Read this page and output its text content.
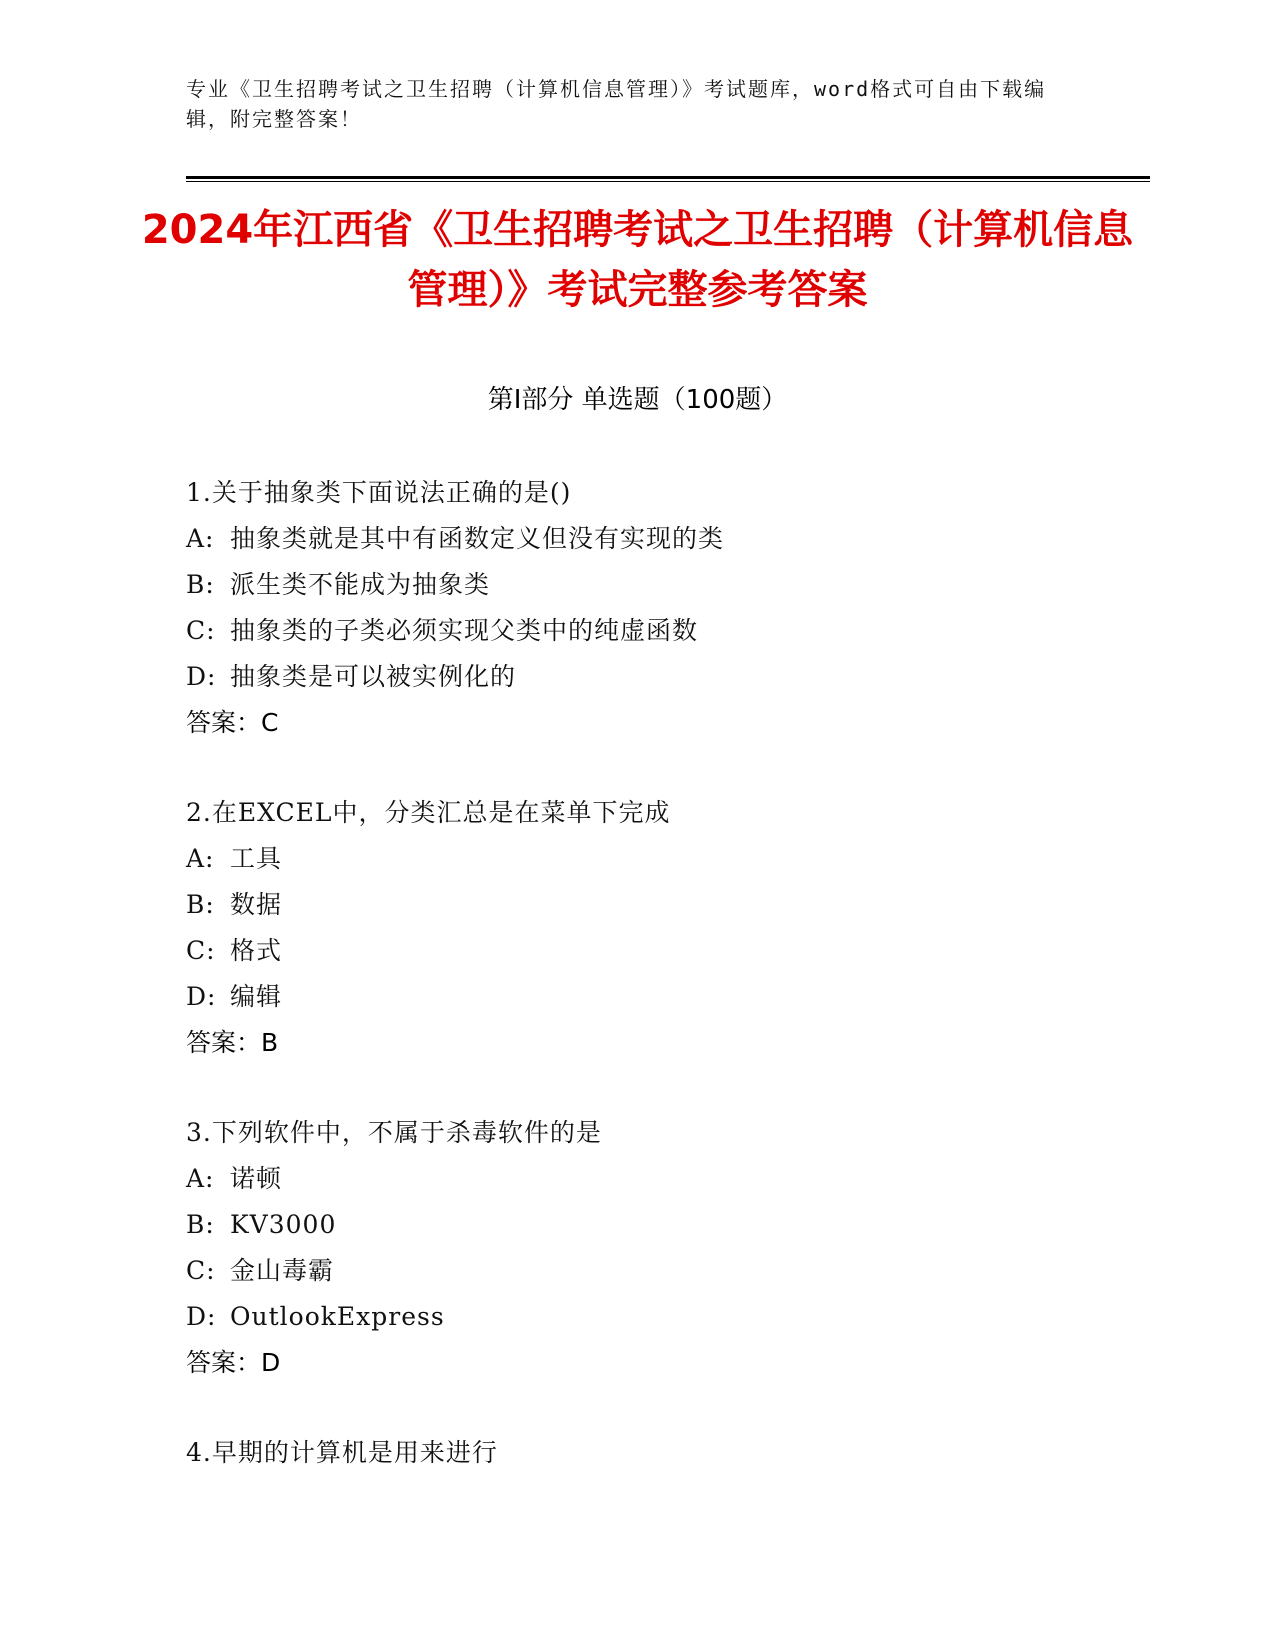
专业《卫生招聘考试之卫生招聘（计算机信息管理）》考试题库，word格式可自由下载编辑，附完整答案！
2024年江西省《卫生招聘考试之卫生招聘（计算机信息管理）》考试完整参考答案
第Ⅰ部分 单选题（100题）
1.关于抽象类下面说法正确的是()
A: 抽象类就是其中有函数定义但没有实现的类
B: 派生类不能成为抽象类
C: 抽象类的子类必须实现父类中的纯虚函数
D: 抽象类是可以被实例化的
答案：C
2.在EXCEL中，分类汇总是在菜单下完成
A: 工具
B: 数据
C: 格式
D: 编辑
答案：B
3.下列软件中，不属于杀毒软件的是
A: 诺顿
B: KV3000
C: 金山毒霸
D: OutlookExpress
答案：D
4.早期的计算机是用来进行
